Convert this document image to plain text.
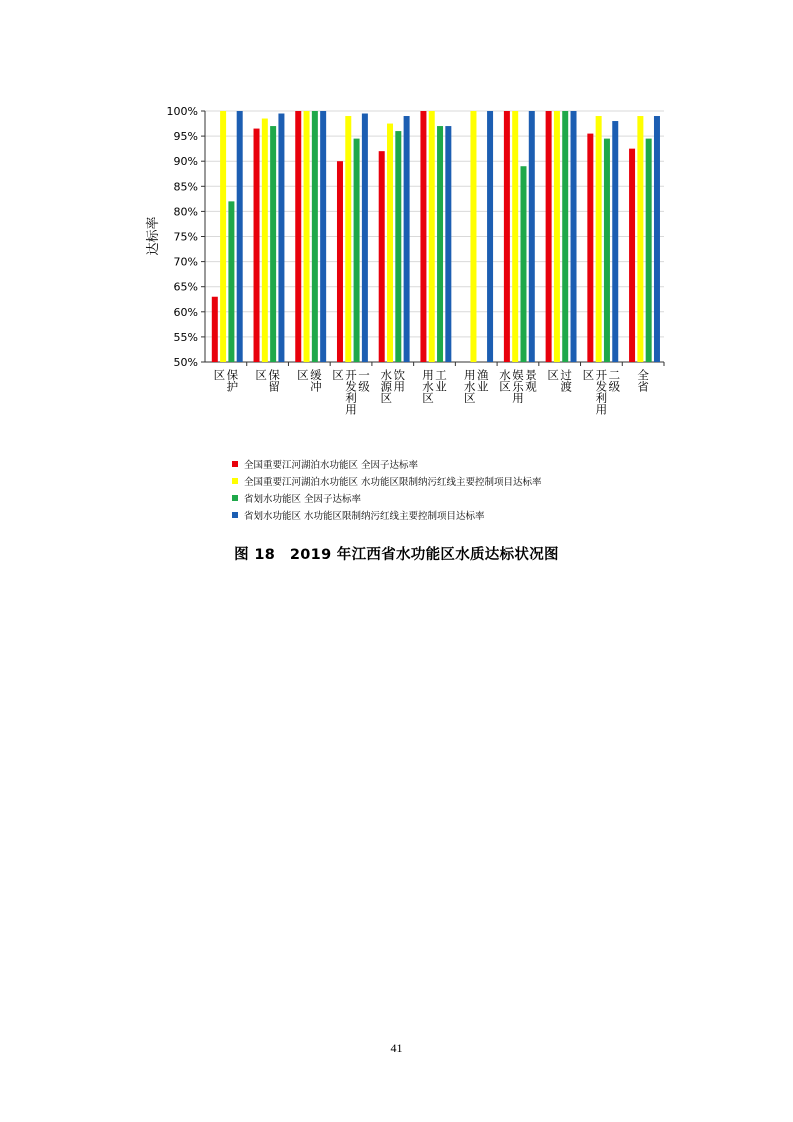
50%
55%
60%
65%
70%
75%
80%
85%
90%
95%
100%
保护
区	保留
区	缓冲
区	一级
开发利用
区	饮用
水源区	工业
用水区	渔业
用水区	景观
娱乐用
水区	过渡
区	二级
开发利用
区	全省
达标率
全国重要江河湖泊水功能区 全因子达标率
全国重要江河湖泊水功能区 水功能区限制纳污红线主要控制项目达标率
省划水功能区 全因子达标率
省划水功能区 水功能区限制纳污红线主要控制项目达标率
图 18　2019 年江西省水功能区水质达标状况图
41
